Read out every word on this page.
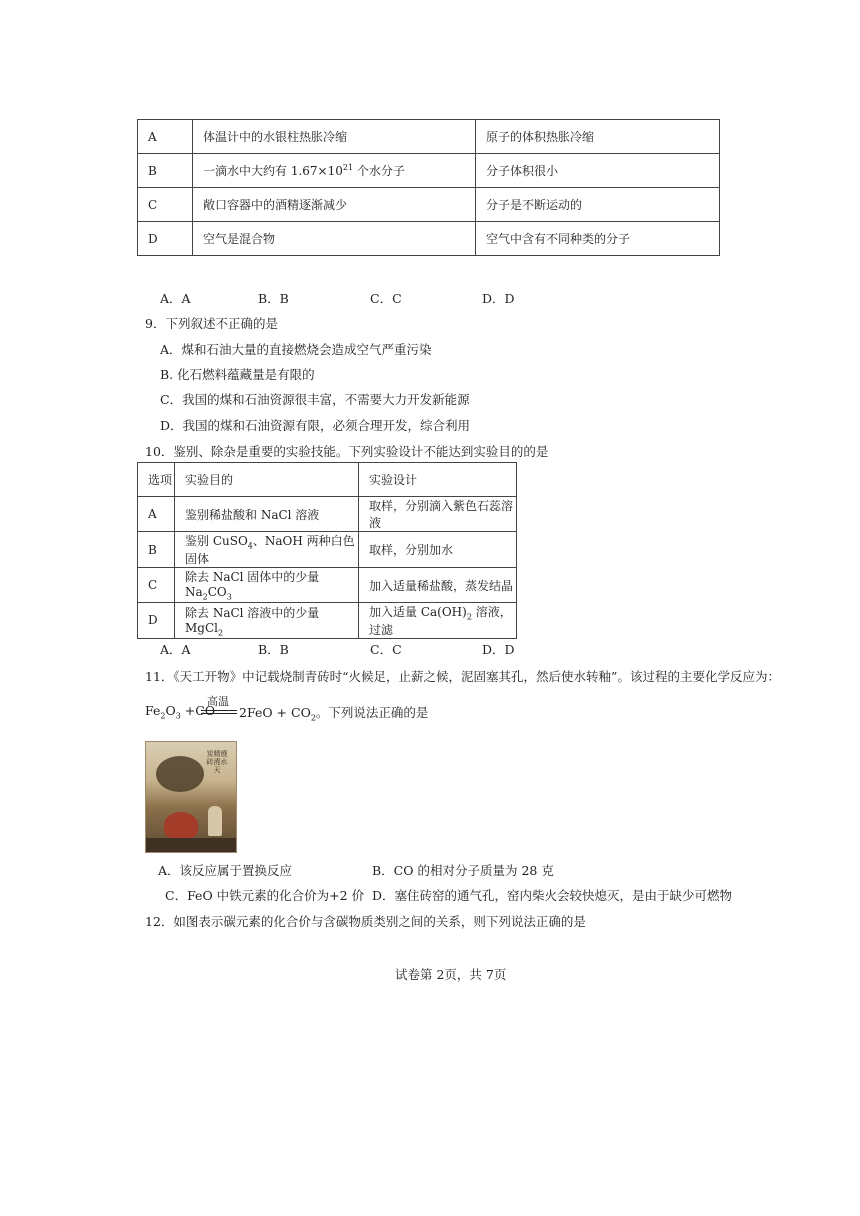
A	体温计中的水银柱热胀冷缩	原子的体积热胀冷缩
B	一滴水中大约有 $1.67\times 10^{21}$ 个水分子	分子体积很小
C	敞口容器中的酒精逐渐减少	分子是不断运动的
D	空气是混合物	空气中含有不同种类的分子
A．A	B．B	C．C	D．D
9．下列叙述不正确的是
A．煤和石油大量的直接燃烧会造成空气严重污染
B. 化石燃料蕴藏量是有限的
C．我国的煤和石油资源很丰富，不需要大力开发新能源
D．我国的煤和石油资源有限，必须合理开发，综合利用
10．鉴别、除杂是重要的实验技能。下列实验设计不能达到实验目的的是
选项	实验目的	实验设计
A	鉴别稀盐酸和 NaCl 溶液	取样，分别滴入紫色石蕊溶液
B	鉴别 CuSO$_4$、NaOH 两种白色固体	取样，分别加水
C	除去 NaCl 固体中的少量 $Na_2CO_3$	加入适量稀盐酸，蒸发结晶
D	除去 NaCl 溶液中的少量 MgCl$_2$	加入适量 $Ca(OH)_2$ 溶液，过滤
A．A	B．B	C．C	D．D
11．《天工开物》中记载烧制青砖时“火候足，止薪之候，泥固塞其孔，然后使水转釉”。该过程的主要化学反应为：
$Fe_2O_3 +CO$
高温
$2FeO + CO_2$。下列说法正确的是
炭精燒砖澆水天
A．该反应属于置换反应	B．CO 的相对分子质量为 28 克
C．FeO 中铁元素的化合价为+2 价 D．塞住砖窑的通气孔，窑内柴火会较快熄灭，是由于缺少可燃物
12．如图表示碳元素的化合价与含碳物质类别之间的关系，则下列说法正确的是
试卷第 2页，共 7页
